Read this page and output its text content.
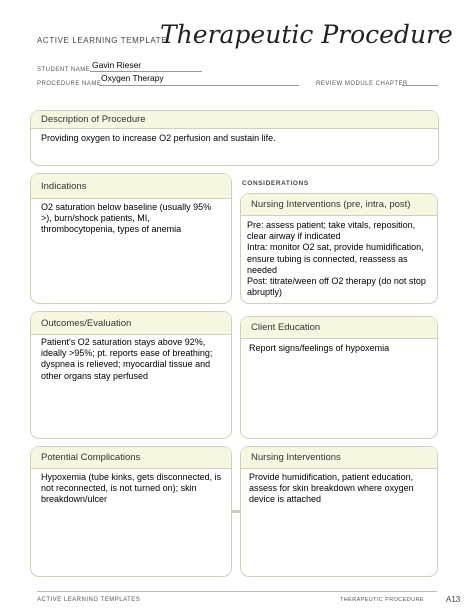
ACTIVE LEARNING TEMPLATE:
Therapeutic Procedure
STUDENT NAME Gavin Rieser
PROCEDURE NAME
Oxygen Therapy
REVIEW MODULE CHAPTER
Description of Procedure
Providing oxygen to increase O2 perfusion and sustain life.
Indications
O2 saturation below baseline (usually 95% >), burn/shock patients, MI, thrombocytopenia, types of anemia
CONSIDERATIONS
Nursing Interventions (pre, intra, post)
Pre: assess patient; take vitals, reposition, clear airway if indicated
Intra: monitor O2 sat, provide humidification, ensure tubing is connected, reassess as needed
Post: titrate/ween off O2 therapy (do not stop abruptly)
Outcomes/Evaluation
Patient's O2 saturation stays above 92%, ideally >95%; pt. reports ease of breathing; dyspnea is relieved; myocardial tissue and other organs stay perfused
Client Education
Report signs/feelings of hypoxemia
Potential Complications
Hypoxemia (tube kinks, gets disconnected, is not reconnected, is not turned on); skin breakdown/ulcer
Nursing Interventions
Provide humidification, patient education, assess for skin breakdown where oxygen device is attached
ACTIVE LEARNING TEMPLATES	THERAPEUTIC PROCEDURE	A13
